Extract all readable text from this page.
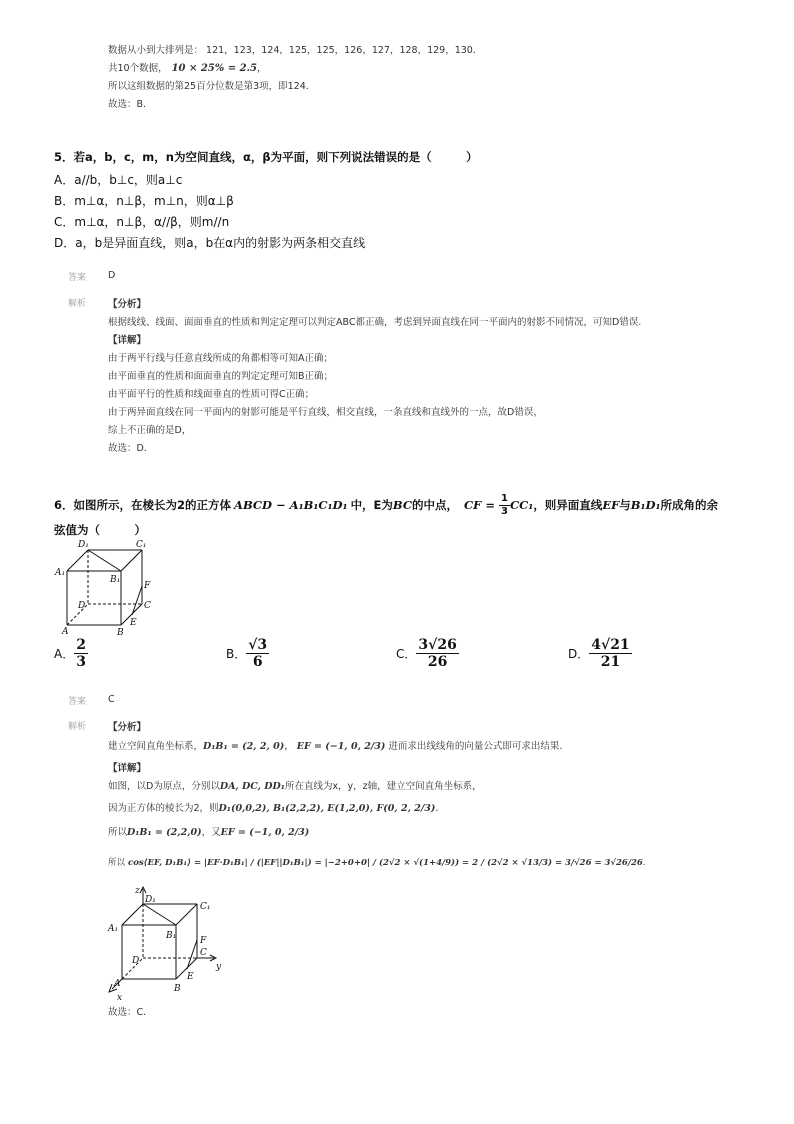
数据从小到大排列是： 121，123，124，125，125，126，127，128，129，130．
共10个数据， 10 × 25% = 2.5，
所以这组数据的第25百分位数是第3项，即124．
故选：B．
5．若a，b，c，m，n为空间直线，α，β为平面，则下列说法错误的是（　　　）
A．a//b，b⊥c，则a⊥c
B．m⊥α，n⊥β，m⊥n，则α⊥β
C．m⊥α，n⊥β，α//β，则m//n
D．a，b是异面直线，则a，b在α内的射影为两条相交直线
答案 D
解析 【分析】
根据线线、线面、面面垂直的性质和判定定理可以判定ABC都正确，考虑到异面直线在同一平面内的射影不同情况，可知D错误.
【详解】
由于两平行线与任意直线所成的角都相等可知A正确；
由平面垂直的性质和面面垂直的判定定理可知B正确；
由平面平行的性质和线面垂直的性质可得C正确；
由于两异面直线在同一平面内的射影可能是平行直线，相交直线，一条直线和直线外的一点，故D错误，
综上不正确的是D，
故选：D．
6．如图所示，在棱长为2的正方体 ABCD − A₁B₁C₁D₁ 中，E为BC的中点， CF = $\frac{1}{3} CC_1$，则异面直线EF与B₁D₁所成角的余
弦值为（　　　）
D₁	C₁
A₁
B₁
F
D	C
A	B
E
A． $\frac{2}{3}$	B． $\frac{√3}{6}$	C． $\frac{3√26}{26}$	D． $\frac{4√21}{21}$
答案 C
解析 【分析】
建立空间直角坐标系，D₁B₁ = (2, 2, 0)， EF = (−1, 0, 2/3) 进而求出线线角的向量公式即可求出结果.
【详解】
如图，以D为原点，分别以DA, DC, DD₁所在直线为x，y，z轴，建立空间直角坐标系，
因为正方体的棱长为2，则D₁(0,0,2), B₁(2,2,2), E(1,2,0), F(0, 2, 2/3)．
所以D₁B₁ = (2,2,0)，又EF = (−1, 0, 2/3)
所以 cos⟨EF, D₁B₁⟩ = |EF·D₁B₁| / (|EF||D₁B₁|) = |−2+0+0| / (2√2 × √(1+4/9)) = 2 / (2√2 × √13/3) = 3/√26 = 3√26/26.
z
y
x
D₁
C₁
A₁
B₁	F
D
C
A	B
E
故选：C．
